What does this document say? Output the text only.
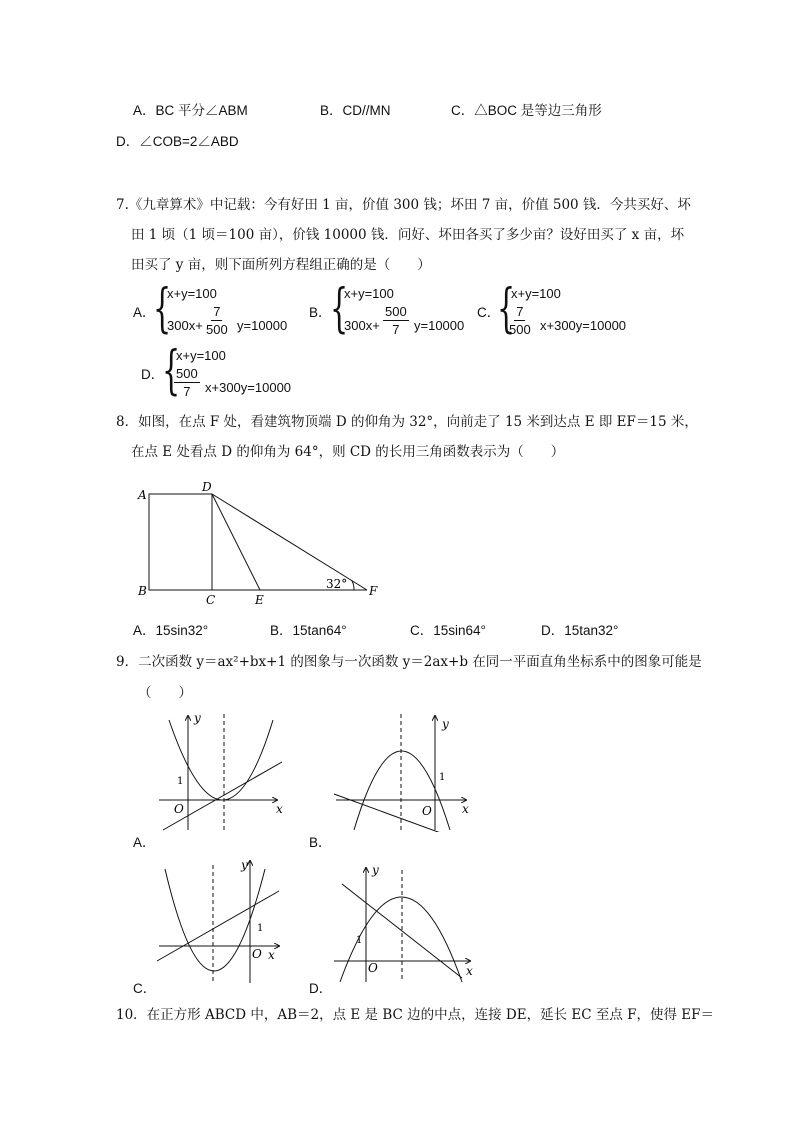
A．BC 平分∠ABM	B．CD//MN	C．△BOC 是等边三角形
D．∠COB=2∠ABD
7.《九章算术》中记载：今有好田 1 亩，价值 300 钱；坏田 7 亩，价值 500 钱．今共买好、坏
田 1 顷（1 顷＝100 亩），价钱 10000 钱．问好、坏田各买了多少亩？设好田买了 x 亩，坏
田买了 y 亩，则下面所列方程组正确的是（　　）
A．
{
x+y=100
$300x+ \frac{7}{500} y=10000$
B．
{
x+y=100
$300x+ \frac{500}{7} y=10000$
C．
{
x+y=100
$\frac{7}{500} x+300y=10000$
D．
{
x+y=100
$\frac{500}{7} x+300y=10000$
8．如图，在点 F 处，看建筑物顶端 D 的仰角为 32°，向前走了 15 米到达点 E 即 EF＝15 米，
在点 E 处看点 D 的仰角为 64°，则 CD 的长用三角函数表示为（　　）
A
D
B
C	E
F
32°
A．15sin32°	B．15tan64°	C．15sin64°	D．15tan32°
9．二次函数 y＝ax²+bx+1 的图象与一次函数 y＝2ax+b 在同一平面直角坐标系中的图象可能是
（　　）
y
x
O
1
A．
y
x
O
1
B．
y
x
O
1
C．
y
x
O
1
D．
10．在正方形 ABCD 中，AB＝2，点 E 是 BC 边的中点，连接 DE，延长 EC 至点 F，使得 EF＝
